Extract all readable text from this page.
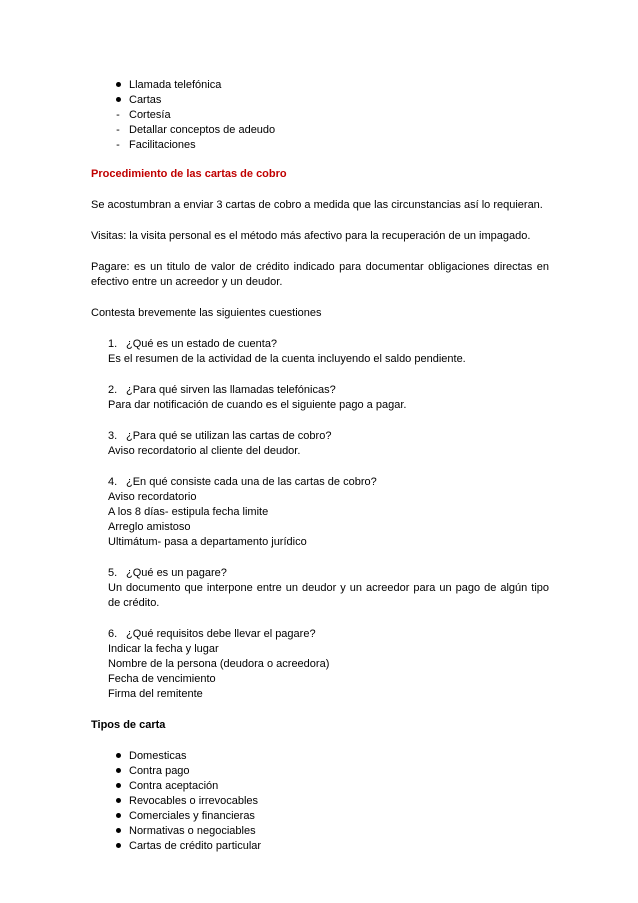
Llamada telefónica
Cartas
- Cortesía
- Detallar conceptos de adeudo
- Facilitaciones
Procedimiento de las cartas de cobro
Se acostumbran a enviar 3 cartas de cobro a medida que las circunstancias así lo requieran.
Visitas: la visita personal es el método más afectivo para la recuperación de un impagado.
Pagare: es un titulo de valor de crédito indicado para documentar obligaciones directas en efectivo entre un acreedor y un deudor.
Contesta brevemente las siguientes cuestiones
1. ¿Qué es un estado de cuenta?
Es el resumen de la actividad de la cuenta incluyendo el saldo pendiente.
2. ¿Para qué sirven las llamadas telefónicas?
Para dar notificación de cuando es el siguiente pago a pagar.
3. ¿Para qué se utilizan las cartas de cobro?
Aviso recordatorio al cliente del deudor.
4. ¿En qué consiste cada una de las cartas de cobro?
Aviso recordatorio
A los 8 días- estipula fecha limite
Arreglo amistoso
Ultimátum- pasa a departamento jurídico
5. ¿Qué es un pagare?
Un documento que interpone entre un deudor y un acreedor para un pago de algún tipo de crédito.
6. ¿Qué requisitos debe llevar el pagare?
Indicar la fecha y lugar
Nombre de la persona (deudora o acreedora)
Fecha de vencimiento
Firma del remitente
Tipos de carta
Domesticas
Contra pago
Contra aceptación
Revocables o irrevocables
Comerciales y financieras
Normativas o negociables
Cartas de crédito particular
